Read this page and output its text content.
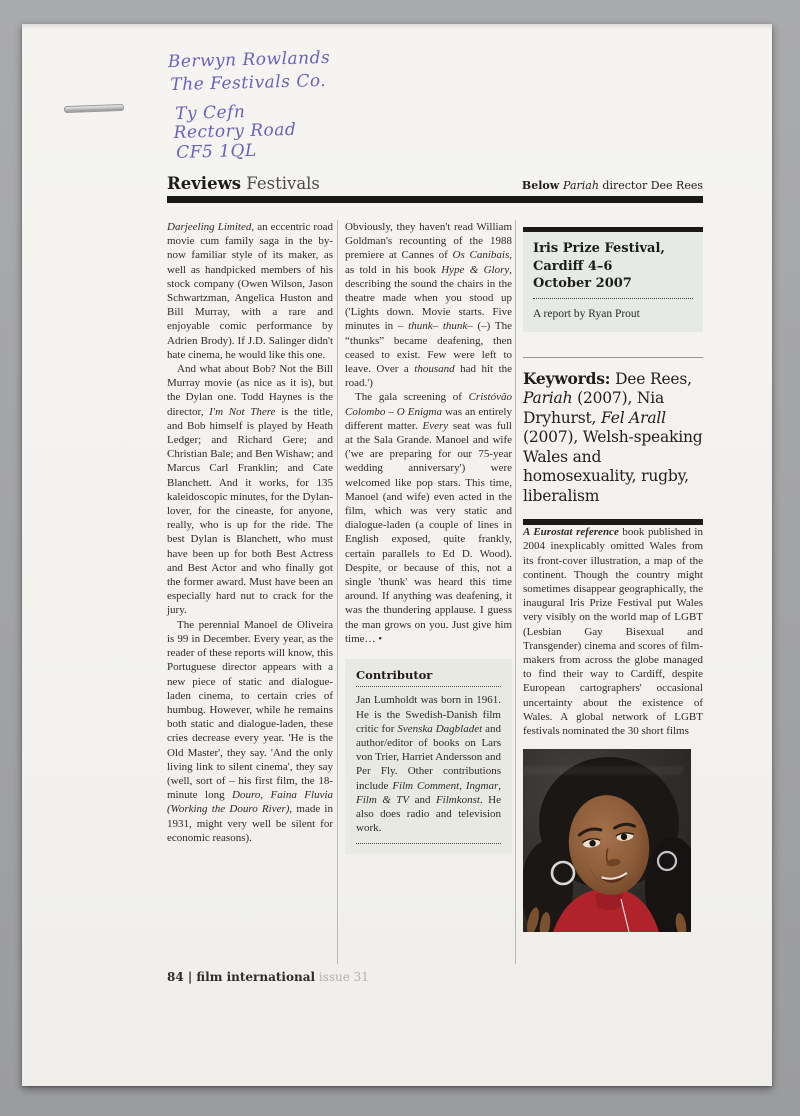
Berwyn Rowlands
The Festivals Co.
Ty Cefn
Rectory Road
CF5 1QL
Reviews Festivals	Below Pariah director Dee Rees

Darjeeling Limited, an eccentric road movie cum family saga in the by-now familiar style of its maker, as well as handpicked members of his stock company (Owen Wilson, Jason Schwartzman, Angelica Huston and Bill Murray, with a rare and enjoyable comic performance by Adrien Brody). If J.D. Salinger didn't hate cinema, he would like this one.

And what about Bob? Not the Bill Murray movie (as nice as it is), but the Dylan one. Todd Haynes is the director, I'm Not There is the title, and Bob himself is played by Heath Ledger; and Richard Gere; and Christian Bale; and Ben Wishaw; and Marcus Carl Franklin; and Cate Blanchett. And it works, for 135 kaleidoscopic minutes, for the Dylan-lover, for the cineaste, for anyone, really, who is up for the ride. The best Dylan is Blanchett, who must have been up for both Best Actress and Best Actor and who finally got the former award. Must have been an especially hard nut to crack for the jury.

The perennial Manoel de Oliveira is 99 in December. Every year, as the reader of these reports will know, this Portuguese director appears with a new piece of static and dialogue-laden cinema, to certain cries of humbug. However, while he remains both static and dialogue-laden, these cries decrease every year. 'He is the Old Master', they say. 'And the only living link to silent cinema', they say (well, sort of – his first film, the 18-minute long Douro, Faina Fluvia (Working the Douro River), made in 1931, might very well be silent for economic reasons).

Obviously, they haven't read William Goldman's recounting of the 1988 premiere at Cannes of Os Canibais, as told in his book Hype & Glory, describing the sound the chairs in the theatre made when you stood up ('Lights down. Movie starts. Five minutes in – thunk– thunk– (–) The “thunks” became deafening, then ceased to exist. Few were left to leave. Over a thousand had hit the road.')

The gala screening of Cristóvão Colombo – O Enigma was an entirely different matter. Every seat was full at the Sala Grande. Manoel and wife ('we are preparing for our 75-year wedding anniversary') were welcomed like pop stars. This time, Manoel (and wife) even acted in the film, which was very static and dialogue-laden (a couple of lines in English exposed, quite frankly, certain parallels to Ed D. Wood). Despite, or because of this, not a single 'thunk' was heard this time around. If anything was deafening, it was the thundering applause. I guess the man grows on you. Just give him time… •

Contributor
Jan Lumholdt was born in 1961. He is the Swedish-Danish film critic for Svenska Dagbladet and author/editor of books on Lars von Trier, Harriet Andersson and Per Fly. Other contributions include Film Comment, Ingmar, Film & TV and Filmkonst. He also does radio and television work.
Iris Prize Festival,
Cardiff 4–6
October 2007
A report by Ryan Prout
Keywords: Dee Rees, Pariah (2007), Nia Dryhurst, Fel Arall (2007), Welsh-speaking Wales and homosexuality, rugby, liberalism

A Eurostat reference book published in 2004 inexplicably omitted Wales from its front-cover illustration, a map of the continent. Though the country might sometimes disappear geographically, the inaugural Iris Prize Festival put Wales very visibly on the world map of LGBT (Lesbian Gay Bisexual and Transgender) cinema and scores of film-makers from across the globe managed to find their way to Cardiff, despite European cartographers' occasional uncertainty about the existence of Wales. A global network of LGBT festivals nominated the 30 short films

84 | film international issue 31
